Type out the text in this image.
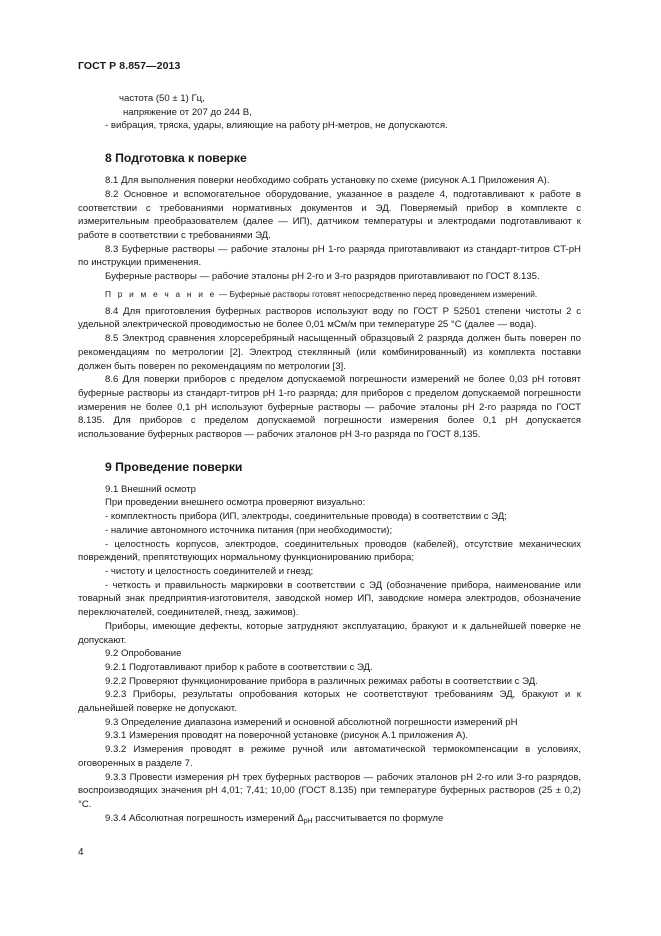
ГОСТ Р 8.857—2013

частота (50 ± 1) Гц,

напряжение от 207 до 244 В,

- вибрация, тряска, удары, влияющие на работу pH-метров, не допускаются.

8 Подготовка к поверке

8.1 Для выполнения поверки необходимо собрать установку по схеме (рисунок А.1 Приложения А).

8.2 Основное и вспомогательное оборудование, указанное в разделе 4, подготавливают к работе в соответствии с требованиями нормативных документов и ЭД. Поверяемый прибор в комплекте с измерительным преобразователем (далее — ИП), датчиком температуры и электродами подготавливают к работе в соответствии с требованиями ЭД.

8.3 Буферные растворы — рабочие эталоны pH 1-го разряда приготавливают из стандарт-титров CT-pH по инструкции применения.

Буферные растворы — рабочие эталоны pH 2-го и 3-го разрядов приготавливают по ГОСТ 8.135.

П р и м е ч а н и е — Буферные растворы готовят непосредственно перед проведением измерений.

8.4 Для приготовления буферных растворов используют воду по ГОСТ Р 52501 степени чистоты 2 с удельной электрической проводимостью не более 0,01 мСм/м при температуре 25 °C (далее — вода).

8.5 Электрод сравнения хлорсеребряный насыщенный образцовый 2 разряда должен быть поверен по рекомендациям по метрологии [2]. Электрод стеклянный (или комбинированный) из комплекта поставки должен быть поверен по рекомендациям по метрологии [3].

8.6 Для поверки приборов с пределом допускаемой погрешности измерений не более 0,03 pH готовят буферные растворы из стандарт-титров pH 1-го разряда; для приборов с пределом допускаемой погрешности измерения не более 0,1 pH используют буферные растворы — рабочие эталоны pH 2-го разряда по ГОСТ 8.135. Для приборов с пределом допускаемой погрешности измерения более 0,1 pH допускается использование буферных растворов — рабочих эталонов pH 3-го разряда по ГОСТ 8.135.

9 Проведение поверки

9.1 Внешний осмотр

При проведении внешнего осмотра проверяют визуально:

- комплектность прибора (ИП, электроды, соединительные провода) в соответствии с ЭД;

- наличие автономного источника питания (при необходимости);

- целостность корпусов, электродов, соединительных проводов (кабелей), отсутствие механических повреждений, препятствующих нормальному функционированию прибора;

- чистоту и целостность соединителей и гнезд;

- четкость и правильность маркировки в соответствии с ЭД (обозначение прибора, наименование или товарный знак предприятия-изготовителя, заводской номер ИП, заводские номера электродов, обозначение переключателей, соединителей, гнезд, зажимов).

Приборы, имеющие дефекты, которые затрудняют эксплуатацию, бракуют и к дальнейшей поверке не допускают.

9.2 Опробование

9.2.1 Подготавливают прибор к работе в соответствии с ЭД.

9.2.2 Проверяют функционирование прибора в различных режимах работы в соответствии с ЭД.

9.2.3 Приборы, результаты опробования которых не соответствуют требованиям ЭД, бракуют и к дальнейшей поверке не допускают.

9.3 Определение диапазона измерений и основной абсолютной погрешности измерений pH

9.3.1 Измерения проводят на поверочной установке (рисунок А.1 приложения А).

9.3.2 Измерения проводят в режиме ручной или автоматической термокомпенсации в условиях, оговоренных в разделе 7.

9.3.3 Провести измерения pH трех буферных растворов — рабочих эталонов pH 2-го или 3-го разрядов, воспроизводящих значения pH 4,01; 7,41; 10,00 (ГОСТ 8.135) при температуре буферных растворов (25 ± 0,2) °C.

9.3.4 Абсолютная погрешность измерений $\Delta_{pH}$ рассчитывается по формуле

4
